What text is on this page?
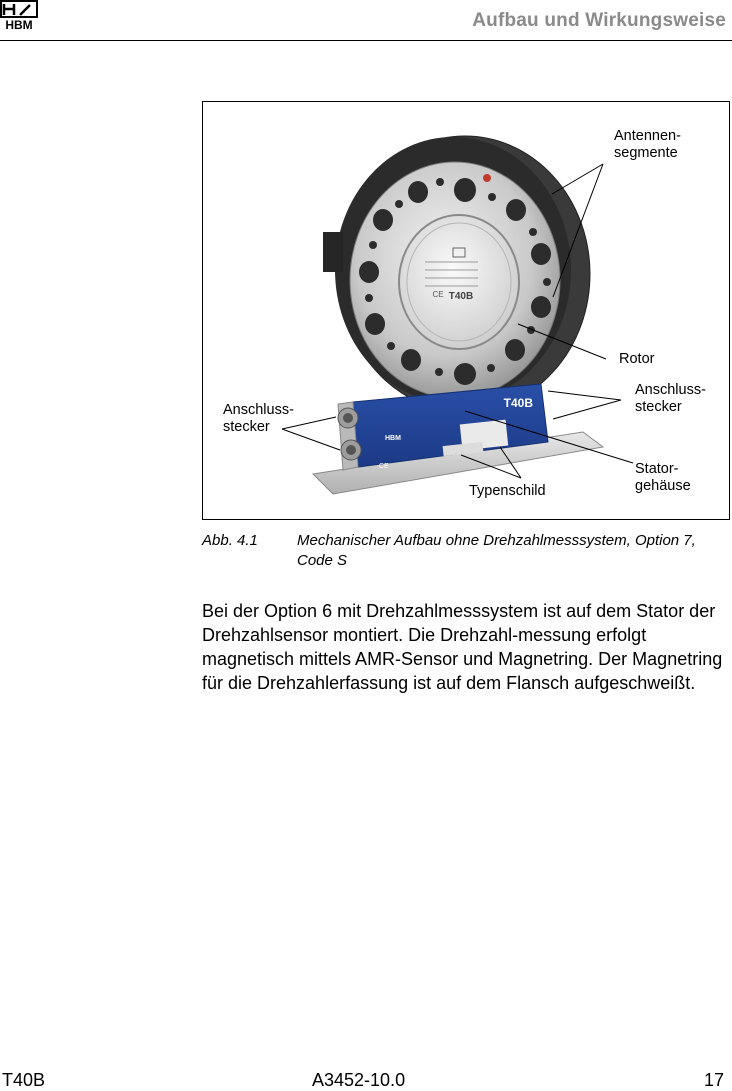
HBM	Aufbau und Wirkungsweise
T40B
CE
T40B
HBM
CE
Antennen-
segmente
Rotor
Anschluss-
stecker
Anschluss-
stecker
Stator-
gehäuse
Typenschild
Abb. 4.1	Mechanischer Aufbau ohne Drehzahlmesssystem, Option 7, Code S
Bei der Option 6 mit Drehzahlmesssystem ist auf dem Stator der Drehzahlsensor montiert. Die Drehzahl-messung erfolgt magnetisch mittels AMR-Sensor und Magnetring. Der Magnetring für die Drehzahlerfassung ist auf dem Flansch aufgeschweißt.
T40B	A3452-10.0	17
